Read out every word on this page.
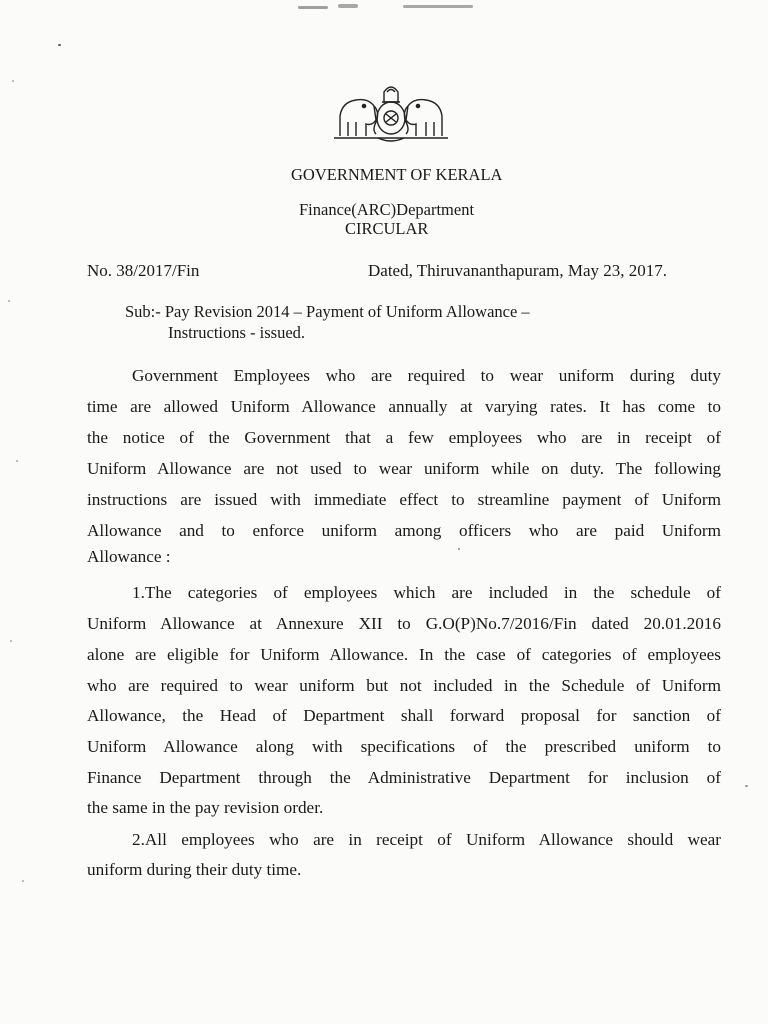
GOVERNMENT OF KERALA
Finance(ARC)Department
CIRCULAR
No. 38/2017/Fin	Dated, Thiruvananthapuram, May 23, 2017.
Sub:- Pay Revision 2014 – Payment of Uniform Allowance –
Instructions - issued.
Government Employees who are required to wear uniform during duty
time are allowed Uniform Allowance annually at varying rates. It has come to
the notice of the Government that a few employees who are in receipt of
Uniform Allowance are not used to wear uniform while on duty. The following
instructions are issued with immediate effect to streamline payment of Uniform
Allowance and to enforce uniform among officers who are paid Uniform
Allowance :
1.The categories of employees which are included in the schedule of
Uniform Allowance at Annexure XII to G.O(P)No.7/2016/Fin dated 20.01.2016
alone are eligible for Uniform Allowance. In the case of categories of employees
who are required to wear uniform but not included in the Schedule of Uniform
Allowance, the Head of Department shall forward proposal for sanction of
Uniform Allowance along with specifications of the prescribed uniform to
Finance Department through the Administrative Department for inclusion of
the same in the pay revision order.
2.All employees who are in receipt of Uniform Allowance should wear
uniform during their duty time.
